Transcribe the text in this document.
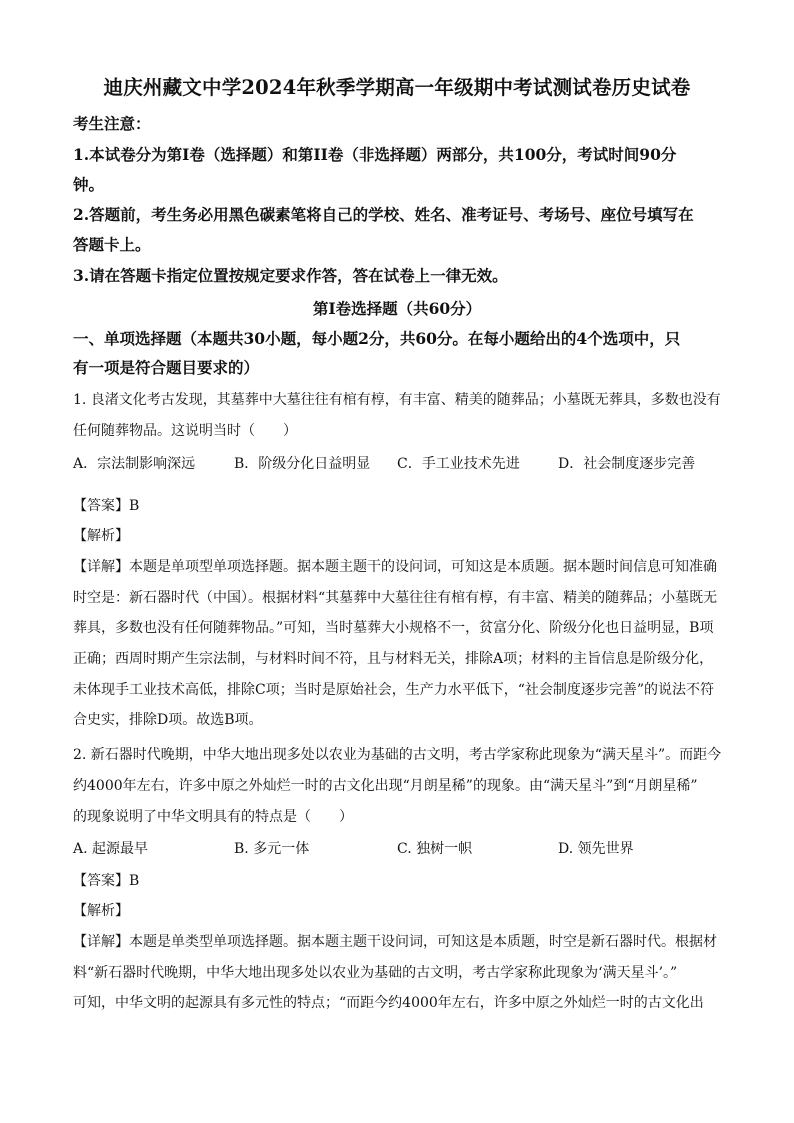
迪庆州藏文中学2024年秋季学期高一年级期中考试测试卷历史试卷
考生注意：
1.本试卷分为第Ⅰ卷（选择题）和第II卷（非选择题）两部分，共100分，考试时间90分
钟。
2.答题前，考生务必用黑色碳素笔将自己的学校、姓名、准考证号、考场号、座位号填写在
答题卡上。
3.请在答题卡指定位置按规定要求作答，答在试卷上一律无效。
第Ⅰ卷选择题（共60分）
一、单项选择题（本题共30小题，每小题2分，共60分。在每小题给出的4个选项中，只
有一项是符合题目要求的）
1. 良渚文化考古发现，其墓葬中大墓往往有棺有椁，有丰富、精美的随葬品；小墓既无葬具，多数也没有
任何随葬物品。这说明当时（　　）
A．宗法制影响深远	B．阶级分化日益明显 C．手工业技术先进	D．社会制度逐步完善
【答案】B
【解析】
【详解】本题是单项型单项选择题。据本题主题干的设问词，可知这是本质题。据本题时间信息可知准确
时空是：新石器时代（中国）。根据材料“其墓葬中大墓往往有棺有椁，有丰富、精美的随葬品；小墓既无
葬具，多数也没有任何随葬物品。”可知，当时墓葬大小规格不一，贫富分化、阶级分化也日益明显，B项
正确；西周时期产生宗法制，与材料时间不符，且与材料无关，排除A项；材料的主旨信息是阶级分化，
未体现手工业技术高低，排除C项；当时是原始社会，生产力水平低下，“社会制度逐步完善”的说法不符
合史实，排除D项。故选B项。
2. 新石器时代晚期，中华大地出现多处以农业为基础的古文明，考古学家称此现象为“满天星斗”。而距今
约4000年左右，许多中原之外灿烂一时的古文化出现“月朗星稀”的现象。由“满天星斗”到“月朗星稀”
的现象说明了中华文明具有的特点是（　　）
A. 起源最早	B. 多元一体	C. 独树一帜	D. 领先世界
【答案】B
【解析】
【详解】本题是单类型单项选择题。据本题主题干设问词，可知这是本质题，时空是新石器时代。根据材
料“新石器时代晚期，中华大地出现多处以农业为基础的古文明，考古学家称此现象为‘满天星斗’。”
可知，中华文明的起源具有多元性的特点；“而距今约4000年左右，许多中原之外灿烂一时的古文化出
